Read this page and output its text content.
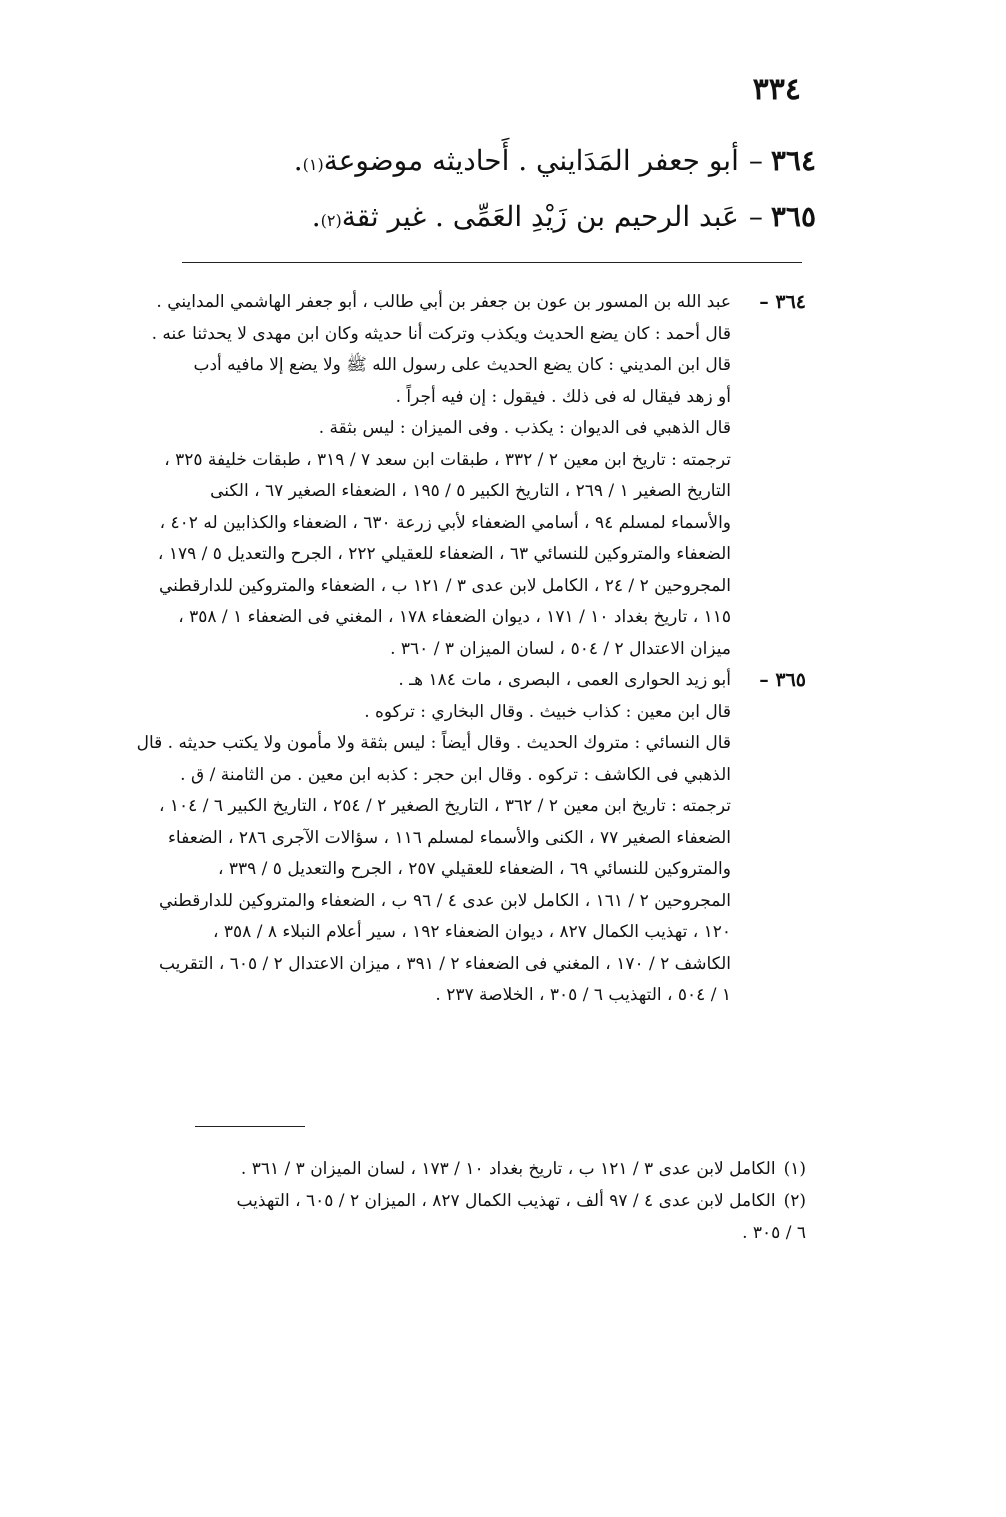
٣٣٤
٣٦٤
–
أبو جعفر المَدَايني . أَحاديثه موضوعة
(١)
.
٣٦٥
–
عَبد الرحيم بن زَيْدِ العَمِّى . غير ثقة
(٢)
.
٣٦٤ –
عبد الله بن المسور بن عون بن جعفر بن أبي طالب ، أبو جعفر الهاشمي المدايني .
قال أحمد : كان يضع الحديث ويكذب وتركت أنا حديثه وكان ابن مهدى لا يحدثنا عنه .
قال ابن المديني : كان يضع الحديث على رسول الله ﷺ ولا يضع إلا مافيه أدب
أو زهد فيقال له فى ذلك . فيقول : إن فيه أجراً .
قال الذهبي فى الديوان : يكذب . وفى الميزان : ليس بثقة .
ترجمته : تاريخ ابن معين ٢ / ٣٣٢ ، طبقات ابن سعد ٧ / ٣١٩ ، طبقات خليفة ٣٢٥ ،
التاريخ الصغير ١ / ٢٦٩ ، التاريخ الكبير ٥ / ١٩٥ ، الضعفاء الصغير ٦٧ ، الكنى
والأسماء لمسلم ٩٤ ، أسامي الضعفاء لأبي زرعة ٦٣٠ ، الضعفاء والكذابين له ٤٠٢ ،
الضعفاء والمتروكين للنسائي ٦٣ ، الضعفاء للعقيلي ٢٢٢ ، الجرح والتعديل ٥ / ١٧٩ ،
المجروحين ٢ / ٢٤ ، الكامل لابن عدى ٣ / ١٢١ ب ، الضعفاء والمتروكين للدارقطني
١١٥ ، تاريخ بغداد ١٠ / ١٧١ ، ديوان الضعفاء ١٧٨ ، المغني فى الضعفاء ١ / ٣٥٨ ،
ميزان الاعتدال ٢ / ٥٠٤ ، لسان الميزان ٣ / ٣٦٠ .
٣٦٥ –
أبو زيد الحوارى العمى ، البصرى ، مات ١٨٤ هـ .
قال ابن معين : كذاب خبيث . وقال البخاري : تركوه .
قال النسائي : متروك الحديث . وقال أيضاً : ليس بثقة ولا مأمون ولا يكتب حديثه . قال
الذهبي فى الكاشف : تركوه . وقال ابن حجر : كذبه ابن معين . من الثامنة / ق .
ترجمته : تاريخ ابن معين ٢ / ٣٦٢ ، التاريخ الصغير ٢ / ٢٥٤ ، التاريخ الكبير ٦ / ١٠٤ ،
الضعفاء الصغير ٧٧ ، الكنى والأسماء لمسلم ١١٦ ، سؤالات الآجرى ٢٨٦ ، الضعفاء
والمتروكين للنسائي ٦٩ ، الضعفاء للعقيلي ٢٥٧ ، الجرح والتعديل ٥ / ٣٣٩ ،
المجروحين ٢ / ١٦١ ، الكامل لابن عدى ٤ / ٩٦ ب ، الضعفاء والمتروكين للدارقطني
١٢٠ ، تهذيب الكمال ٨٢٧ ، ديوان الضعفاء ١٩٢ ، سير أعلام النبلاء ٨ / ٣٥٨ ،
الكاشف ٢ / ١٧٠ ، المغني فى الضعفاء ٢ / ٣٩١ ، ميزان الاعتدال ٢ / ٦٠٥ ، التقريب
١ / ٥٠٤ ، التهذيب ٦ / ٣٠٥ ، الخلاصة ٢٣٧ .
(١)الكامل لابن عدى ٣ / ١٢١ ب ، تاريخ بغداد ١٠ / ١٧٣ ، لسان الميزان ٣ / ٣٦١ .
(٢)الكامل لابن عدى ٤ / ٩٧ ألف ، تهذيب الكمال ٨٢٧ ، الميزان ٢ / ٦٠٥ ، التهذيب
٦ / ٣٠٥ .
